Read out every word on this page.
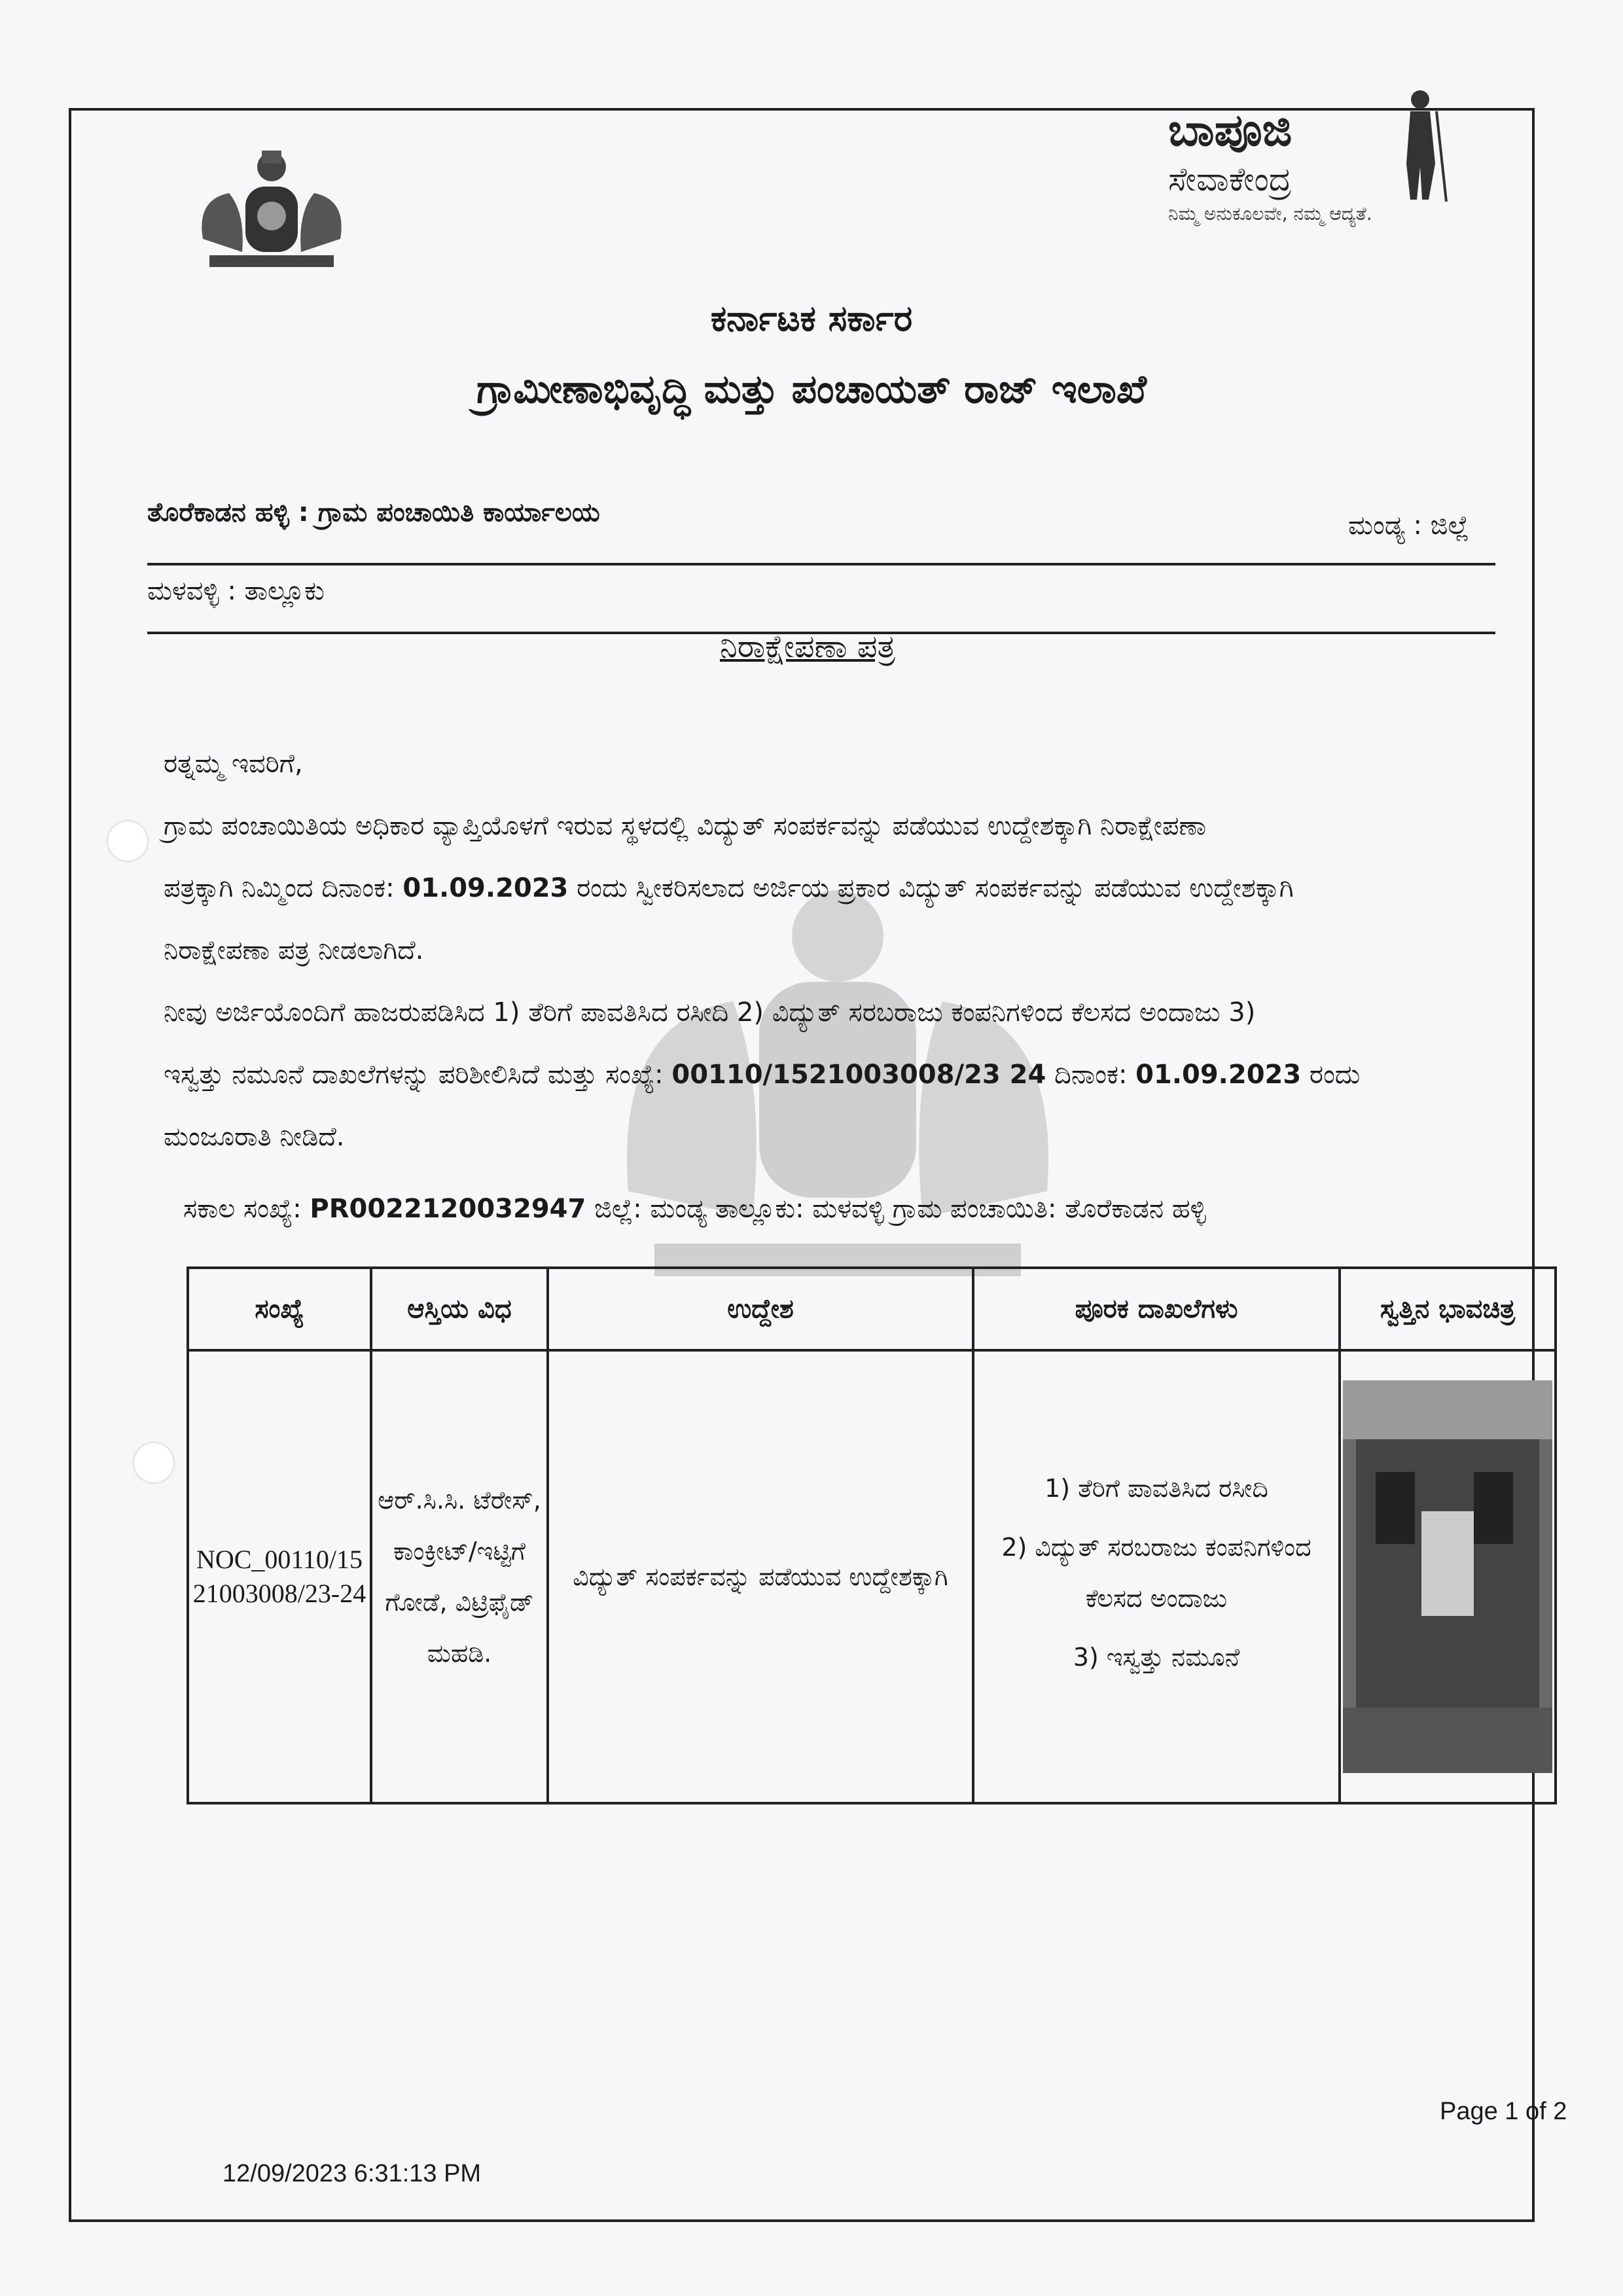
ಬಾಪೂಜಿ
ಸೇವಾಕೇಂದ್ರ
ನಿಮ್ಮ ಅನುಕೂಲವೇ, ನಮ್ಮ ಆದ್ಯತೆ.
ಕರ್ನಾಟಕ ಸರ್ಕಾರ
ಗ್ರಾಮೀಣಾಭಿವೃದ್ಧಿ ಮತ್ತು ಪಂಚಾಯತ್ ರಾಜ್ ಇಲಾಖೆ
ತೊರೆಕಾಡನ ಹಳ್ಳಿ : ಗ್ರಾಮ ಪಂಚಾಯಿತಿ ಕಾರ್ಯಾಲಯ	ಮಂಡ್ಯ : ಜಿಲ್ಲೆ
ಮಳವಳ್ಳಿ : ತಾಲ್ಲೂಕು
ನಿರಾಕ್ಷೇಪಣಾ ಪತ್ರ
ರತ್ನಮ್ಮ ಇವರಿಗೆ,
ಗ್ರಾಮ ಪಂಚಾಯಿತಿಯ ಅಧಿಕಾರ ವ್ಯಾಪ್ತಿಯೊಳಗೆ ಇರುವ ಸ್ಥಳದಲ್ಲಿ ವಿದ್ಯುತ್ ಸಂಪರ್ಕವನ್ನು ಪಡೆಯುವ ಉದ್ದೇಶಕ್ಕಾಗಿ ನಿರಾಕ್ಷೇಪಣಾ
ಪತ್ರಕ್ಕಾಗಿ ನಿಮ್ಮಿಂದ ದಿನಾಂಕ: 01.09.2023 ರಂದು ಸ್ವೀಕರಿಸಲಾದ ಅರ್ಜಿಯ ಪ್ರಕಾರ ವಿದ್ಯುತ್ ಸಂಪರ್ಕವನ್ನು ಪಡೆಯುವ ಉದ್ದೇಶಕ್ಕಾಗಿ
ನಿರಾಕ್ಷೇಪಣಾ ಪತ್ರ ನೀಡಲಾಗಿದೆ.
ನೀವು ಅರ್ಜಿಯೊಂದಿಗೆ ಹಾಜರುಪಡಿಸಿದ 1) ತೆರಿಗೆ ಪಾವತಿಸಿದ ರಸೀದಿ 2) ವಿದ್ಯುತ್ ಸರಬರಾಜು ಕಂಪನಿಗಳಿಂದ ಕೆಲಸದ ಅಂದಾಜು 3)
ಇಸ್ವತ್ತು ನಮೂನೆ ದಾಖಲೆಗಳನ್ನು ಪರಿಶೀಲಿಸಿದೆ ಮತ್ತು ಸಂಖ್ಯೆ: 00110/1521003008/23 24 ದಿನಾಂಕ: 01.09.2023 ರಂದು
ಮಂಜೂರಾತಿ ನೀಡಿದೆ.
ಸಕಾಲ ಸಂಖ್ಯೆ: PR0022120032947 ಜಿಲ್ಲೆ: ಮಂಡ್ಯ ತಾಲ್ಲೂಕು: ಮಳವಳ್ಳಿ ಗ್ರಾಮ ಪಂಚಾಯಿತಿ: ತೊರೆಕಾಡನ ಹಳ್ಳಿ
ಸಂಖ್ಯೆ	ಆಸ್ತಿಯ ವಿಧ	ಉದ್ದೇಶ	ಪೂರಕ ದಾಖಲೆಗಳು	ಸ್ವತ್ತಿನ ಭಾವಚಿತ್ರ
NOC_00110/1521003008/23-24	ಆರ್.ಸಿ.ಸಿ. ಟೆರೇಸ್, ಕಾಂಕ್ರೀಟ್/ಇಟ್ಟಿಗೆ ಗೋಡೆ, ವಿಟ್ರಿಫೈಡ್ ಮಹಡಿ.	ವಿದ್ಯುತ್ ಸಂಪರ್ಕವನ್ನು ಪಡೆಯುವ ಉದ್ದೇಶಕ್ಕಾಗಿ	1) ತೆರಿಗೆ ಪಾವತಿಸಿದ ರಸೀದಿ
2) ವಿದ್ಯುತ್ ಸರಬರಾಜು ಕಂಪನಿಗಳಿಂದ ಕೆಲಸದ ಅಂದಾಜು
3) ಇಸ್ವತ್ತು ನಮೂನೆ

Page 1 of 2
12/09/2023 6:31:13 PM
